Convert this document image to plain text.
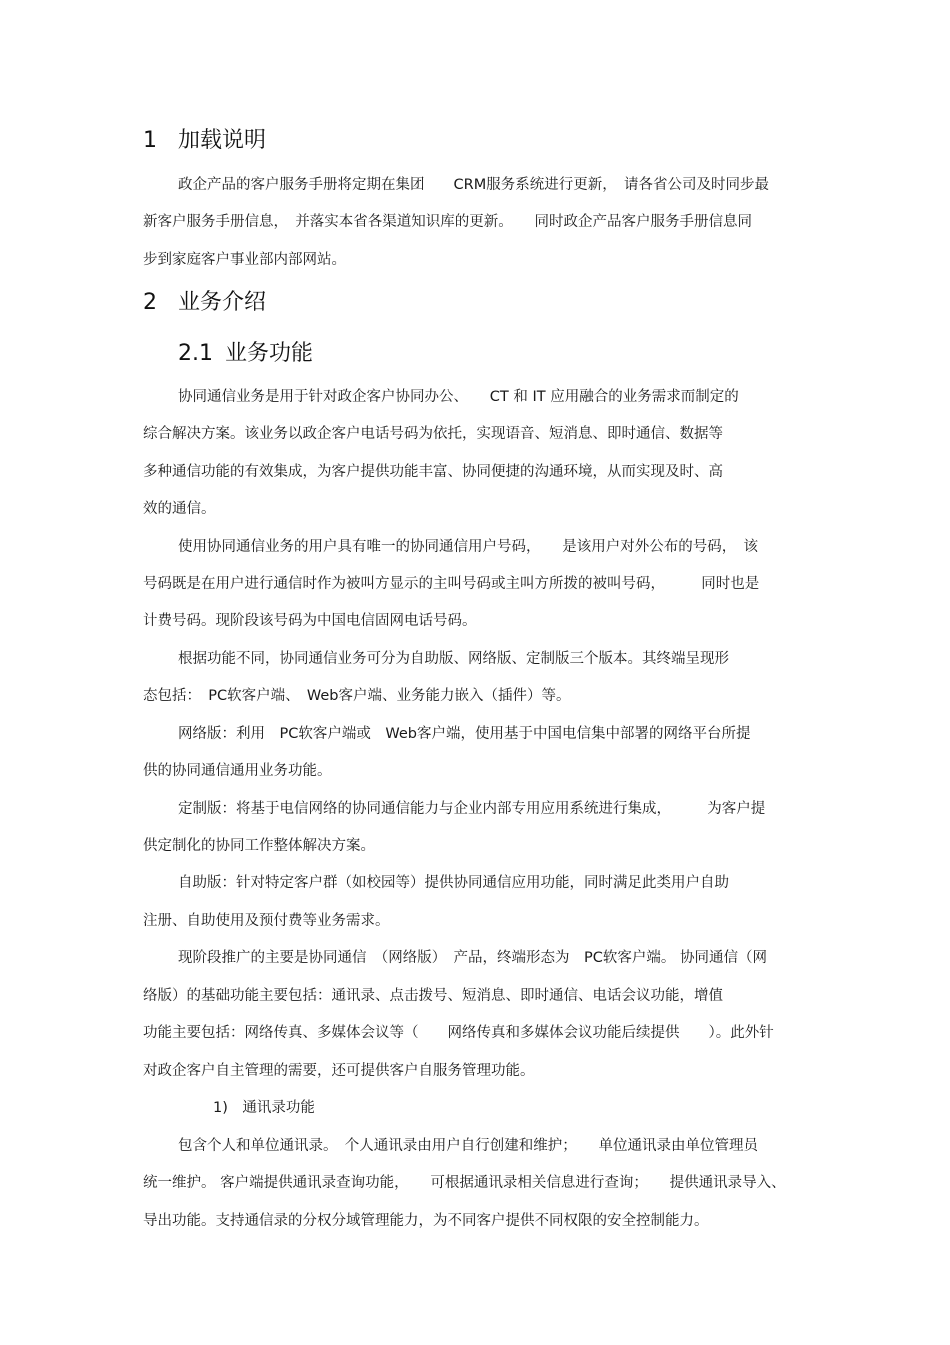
1 加载说明
政企产品的客户服务手册将定期在集团　　CRM服务系统进行更新，　请各省公司及时同步最
新客户服务手册信息，　并落实本省各渠道知识库的更新。　　同时政企产品客户服务手册信息同
步到家庭客户事业部内部网站。
2 业务介绍
2.1 业务功能
协同通信业务是用于针对政企客户协同办公、　　CT 和 IT 应用融合的业务需求而制定的
综合解决方案。该业务以政企客户电话号码为依托，实现语音、短消息、即时通信、数据等
多种通信功能的有效集成，为客户提供功能丰富、协同便捷的沟通环境，从而实现及时、高
效的通信。
使用协同通信业务的用户具有唯一的协同通信用户号码，　　是该用户对外公布的号码，　该
号码既是在用户进行通信时作为被叫方显示的主叫号码或主叫方所拨的被叫号码，　　　同时也是
计费号码。现阶段该号码为中国电信固网电话号码。
根据功能不同，协同通信业务可分为自助版、网络版、定制版三个版本。其终端呈现形
态包括：　PC软客户端、　Web客户端、业务能力嵌入（插件）等。
网络版：利用　PC软客户端或　Web客户端，使用基于中国电信集中部署的网络平台所提
供的协同通信通用业务功能。
定制版：将基于电信网络的协同通信能力与企业内部专用应用系统进行集成，　　　为客户提
供定制化的协同工作整体解决方案。
自助版：针对特定客户群（如校园等）提供协同通信应用功能，同时满足此类用户自助
注册、自助使用及预付费等业务需求。
现阶段推广的主要是协同通信　（网络版）　产品，终端形态为　PC软客户端。 协同通信（网
络版）的基础功能主要包括：通讯录、点击拨号、短消息、即时通信、电话会议功能，增值
功能主要包括：网络传真、多媒体会议等（　　网络传真和多媒体会议功能后续提供　　）。此外针
对政企客户自主管理的需要，还可提供客户自服务管理功能。
1)　通讯录功能
包含个人和单位通讯录。　个人通讯录由用户自行创建和维护；　　单位通讯录由单位管理员
统一维护。 客户端提供通讯录查询功能，　　可根据通讯录相关信息进行查询；　　提供通讯录导入、
导出功能。支持通信录的分权分域管理能力，为不同客户提供不同权限的安全控制能力。
